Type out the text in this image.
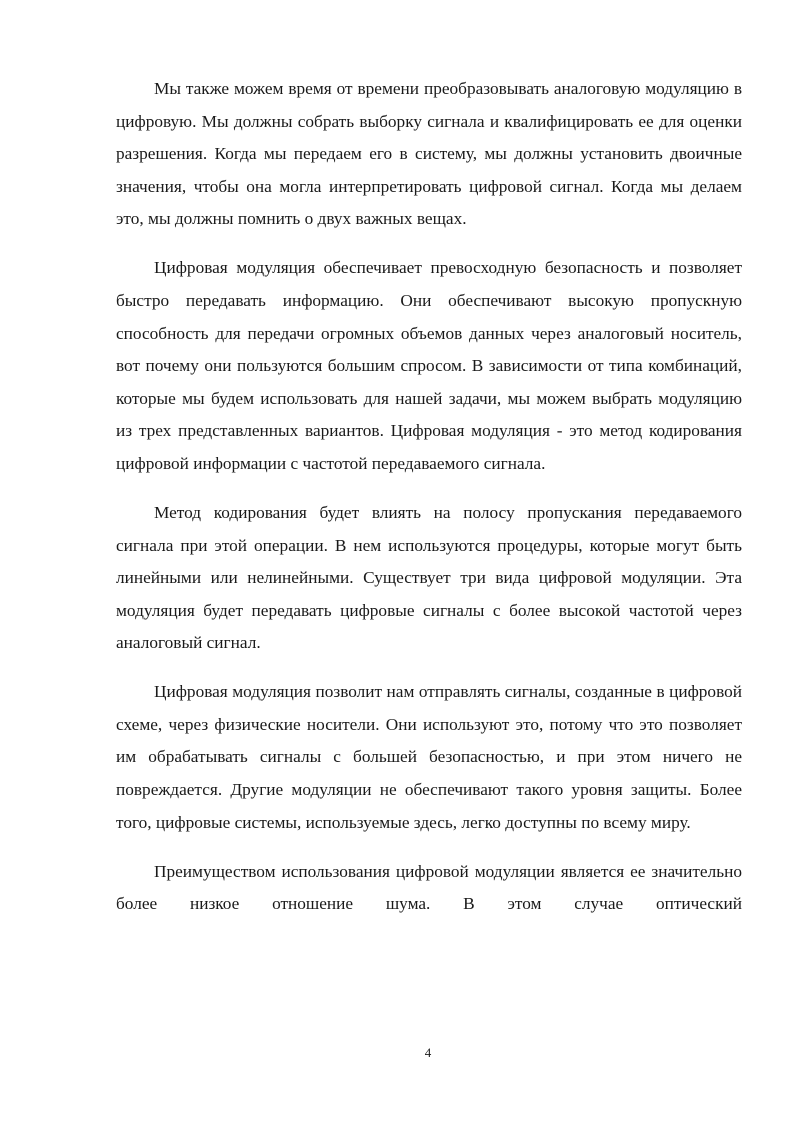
Мы также можем время от времени преобразовывать аналоговую модуляцию в цифровую. Мы должны собрать выборку сигнала и квалифицировать ее для оценки разрешения. Когда мы передаем его в систему, мы должны установить двоичные значения, чтобы она могла интерпретировать цифровой сигнал. Когда мы делаем это, мы должны помнить о двух важных вещах.

Цифровая модуляция обеспечивает превосходную безопасность и позволяет быстро передавать информацию. Они обеспечивают высокую пропускную способность для передачи огромных объемов данных через аналоговый носитель, вот почему они пользуются большим спросом. В зависимости от типа комбинаций, которые мы будем использовать для нашей задачи, мы можем выбрать модуляцию из трех представленных вариантов. Цифровая модуляция - это метод кодирования цифровой информации с частотой передаваемого сигнала.

Метод кодирования будет влиять на полосу пропускания передаваемого сигнала при этой операции. В нем используются процедуры, которые могут быть линейными или нелинейными. Существует три вида цифровой модуляции. Эта модуляция будет передавать цифровые сигналы с более высокой частотой через аналоговый сигнал.

Цифровая модуляция позволит нам отправлять сигналы, созданные в цифровой схеме, через физические носители. Они используют это, потому что это позволяет им обрабатывать сигналы с большей безопасностью, и при этом ничего не повреждается. Другие модуляции не обеспечивают такого уровня защиты. Более того, цифровые системы, используемые здесь, легко доступны по всему миру.

Преимуществом использования цифровой модуляции является ее значительно более низкое отношение шума. В этом случае оптический

4
